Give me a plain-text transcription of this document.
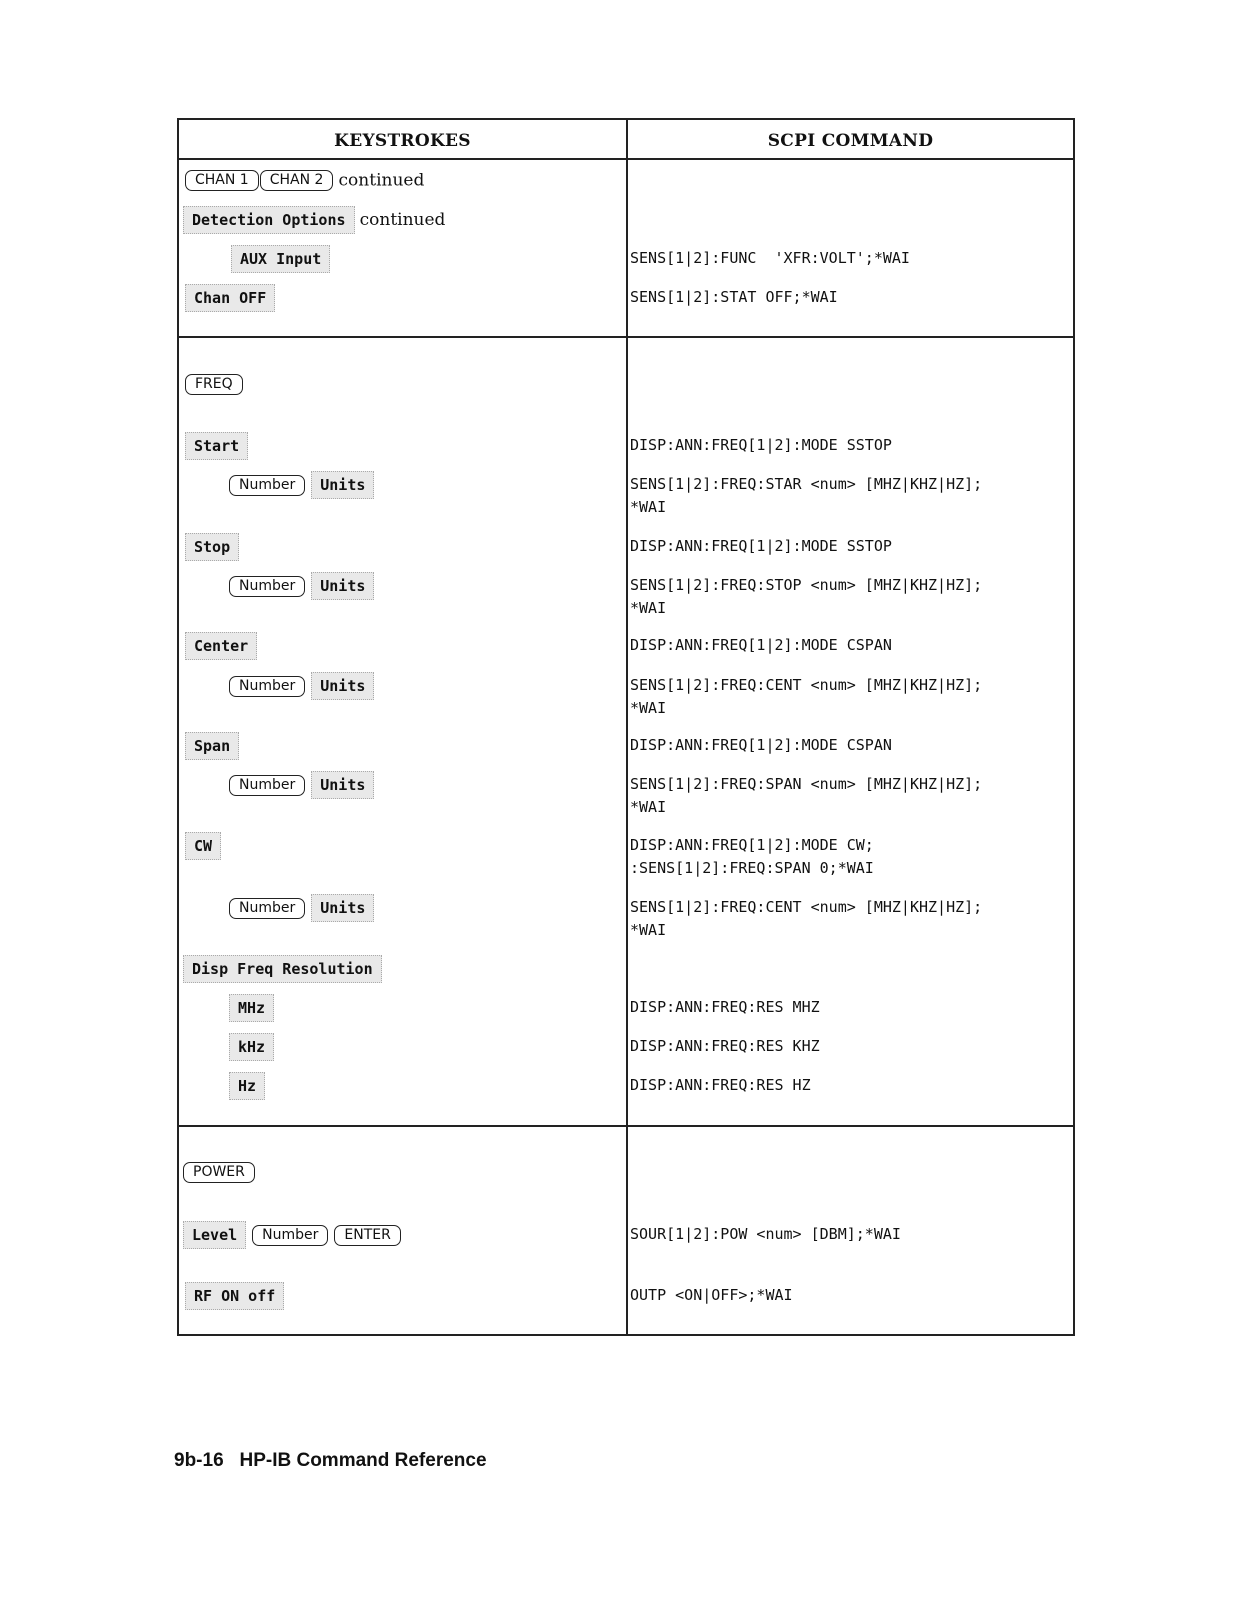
KEYSTROKES	SCPI COMMAND
CHAN 1 CHAN 2 continued
Detection Options continued
AUX Input	SENS[1|2]:FUNC  'XFR:VOLT';*WAI
Chan OFF	SENS[1|2]:STAT OFF;*WAI
FREQ
Start	DISP:ANN:FREQ[1|2]:MODE SSTOP
Number Units	SENS[1|2]:FREQ:STAR <num> [MHZ|KHZ|HZ];
*WAI
Stop	DISP:ANN:FREQ[1|2]:MODE SSTOP
Number Units	SENS[1|2]:FREQ:STOP <num> [MHZ|KHZ|HZ];
*WAI
Center	DISP:ANN:FREQ[1|2]:MODE CSPAN
Number Units	SENS[1|2]:FREQ:CENT <num> [MHZ|KHZ|HZ];
*WAI
Span	DISP:ANN:FREQ[1|2]:MODE CSPAN
Number Units	SENS[1|2]:FREQ:SPAN <num> [MHZ|KHZ|HZ];
*WAI
CW	DISP:ANN:FREQ[1|2]:MODE CW;
:SENS[1|2]:FREQ:SPAN 0;*WAI
Number Units	SENS[1|2]:FREQ:CENT <num> [MHZ|KHZ|HZ];
*WAI
Disp Freq Resolution
MHz	DISP:ANN:FREQ:RES MHZ
kHz	DISP:ANN:FREQ:RES KHZ
Hz	DISP:ANN:FREQ:RES HZ
POWER
Level Number ENTER	SOUR[1|2]:POW <num> [DBM];*WAI
RF ON off	OUTP <ON|OFF>;*WAI
9b-16   HP-IB Command Reference
